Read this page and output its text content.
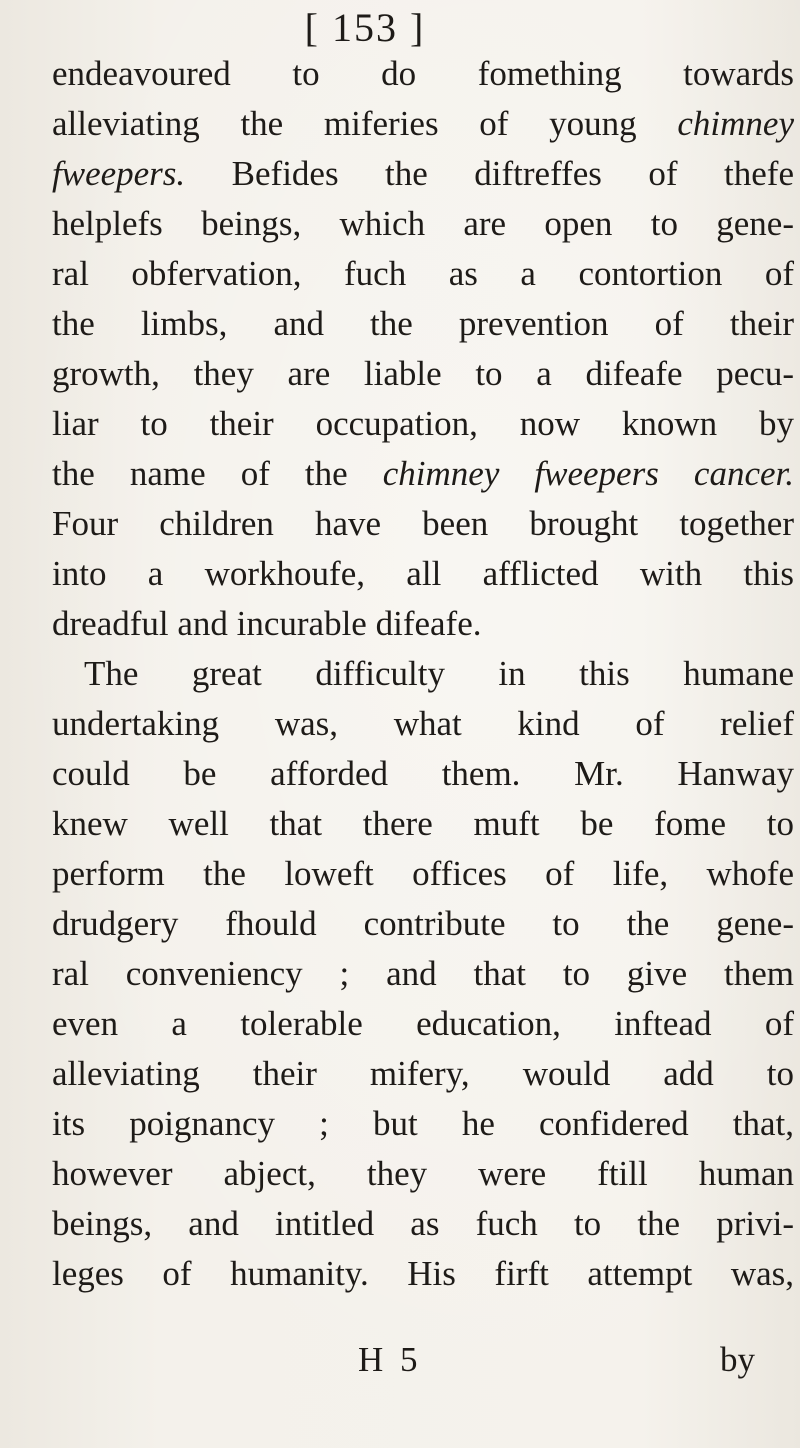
[ 153 ]
endeavoured to do fomething towards
alleviating the miferies of young chimney
fweepers. Befides the diftreffes of thefe
helplefs beings, which are open to gene-
ral obfervation, fuch as a contortion of
the limbs, and the prevention of their
growth, they are liable to a difeafe pecu-
liar to their occupation, now known by
the name of the chimney fweepers cancer.
Four children have been brought together
into a workhoufe, all afflicted with this
dreadful and incurable difeafe.
The great difficulty in this humane
undertaking was, what kind of relief
could be afforded them. Mr. Hanway
knew well that there muft be fome to
perform the loweft offices of life, whofe
drudgery fhould contribute to the gene-
ral conveniency ; and that to give them
even a tolerable education, inftead of
alleviating their mifery, would add to
its poignancy ; but he confidered that,
however abject, they were ftill human
beings, and intitled as fuch to the privi-
leges of humanity. His firft attempt was,
H 5	by
